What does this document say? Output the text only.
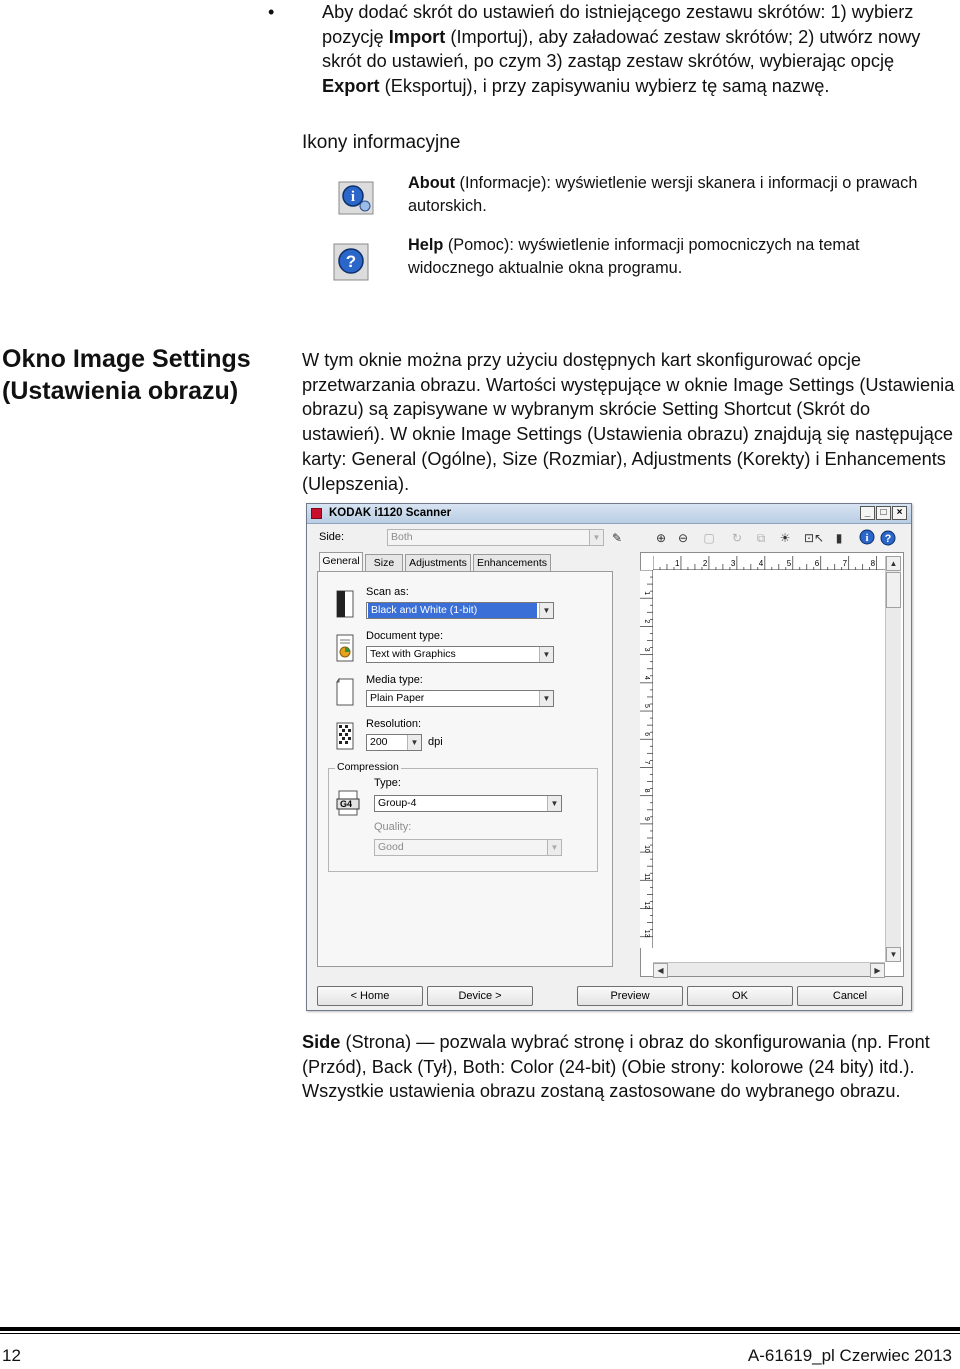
•	Aby dodać skrót do ustawień do istniejącego zestawu skrótów: 1) wybierz pozycję Import (Importuj), aby załadować zestaw skrótów; 2) utwórz nowy skrót do ustawień, po czym 3) zastąp zestaw skrótów, wybierając opcję Export (Eksportuj), i przy zapisywaniu wybierz tę samą nazwę.
Ikony informacyjne
i
About (Informacje): wyświetlenie wersji skanera i informacji o prawach autorskich.
?
Help (Pomoc): wyświetlenie informacji pomocniczych na temat widocznego aktualnie okna programu.
Okno Image Settings (Ustawienia obrazu)
W tym oknie można przy użyciu dostępnych kart skonfigurować opcje przetwarzania obrazu. Wartości występujące w oknie Image Settings (Ustawienia obrazu) są zapisywane w wybranym skrócie Setting Shortcut (Skrót do ustawień). W oknie Image Settings (Ustawienia obrazu) znajdują się następujące karty: General (Ogólne), Size (Rozmiar), Adjustments (Korekty) i Enhancements (Ulepszenia).
KODAK i1120 Scanner	_	□	×
Side:	Both	▼ ✎	⊕ ⊖ ▢ ↻	⧉	☀ ⊡ ↖ ▮	i ?
General	Size	Adjustments Enhancements
Scan as:
Black and White (1-bit)	▼
Document type:
Text with Graphics	▼
Media type:
Plain Paper	▼
Resolution:
200	▼ dpi
Compression
G4
Type:
Group-4	▼
Quality:
Good	▼
1	2	3	4	5	6	7	8
1
2
3
4
5
6
7
8
9
10
11
12
13
▲
▼
◀	▶
< Home	Device >	Preview	OK	Cancel
Side (Strona) — pozwala wybrać stronę i obraz do skonfigurowania (np. Front (Przód), Back (Tył), Both: Color (24-bit) (Obie strony: kolorowe (24 bity) itd.). Wszystkie ustawienia obrazu zostaną zastosowane do wybranego obrazu.
12	A-61619_pl Czerwiec 2013
